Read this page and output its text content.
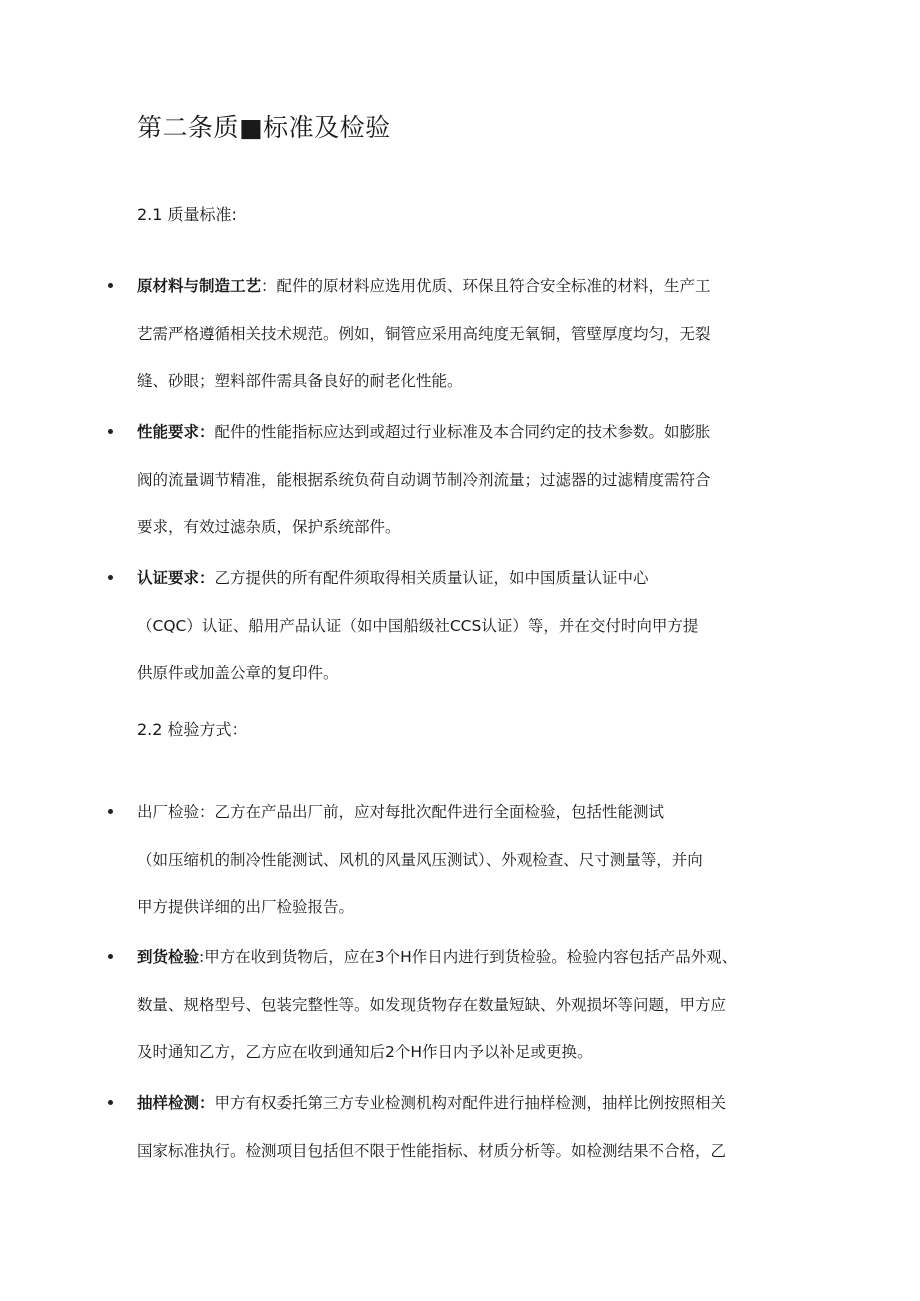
第二条质■标准及检验
2.1 质量标准:
原材料与制造工艺：配件的原材料应选用优质、环保且符合安全标准的材料，生产工
艺需严格遵循相关技术规范。例如，铜管应采用高纯度无氧铜，管壁厚度均匀，无裂
缝、砂眼；塑料部件需具备良好的耐老化性能。
性能要求：配件的性能指标应达到或超过行业标准及本合同约定的技术参数。如膨胀
阀的流量调节精准，能根据系统负荷自动调节制冷剂流量；过滤器的过滤精度需符合
要求，有效过滤杂质，保护系统部件。
认证要求：乙方提供的所有配件须取得相关质量认证，如中国质量认证中心
（CQC）认证、船用产品认证（如中国船级社CCS认证）等，并在交付时向甲方提
供原件或加盖公章的复印件。
2.2 检验方式：
出厂检验：乙方在产品出厂前，应对每批次配件进行全面检验，包括性能测试
（如压缩机的制冷性能测试、风机的风量风压测试）、外观检查、尺寸测量等，并向
甲方提供详细的出厂检验报告。
到货检验:甲方在收到货物后，应在3个H作日内进行到货检验。检验内容包括产品外观、
数量、规格型号、包装完整性等。如发现货物存在数量短缺、外观损坏等问题，甲方应
及时通知乙方，乙方应在收到通知后2个H作日内予以补足或更换。
抽样检测：甲方有权委托第三方专业检测机构对配件进行抽样检测，抽样比例按照相关
国家标准执行。检测项目包括但不限于性能指标、材质分析等。如检测结果不合格，乙
